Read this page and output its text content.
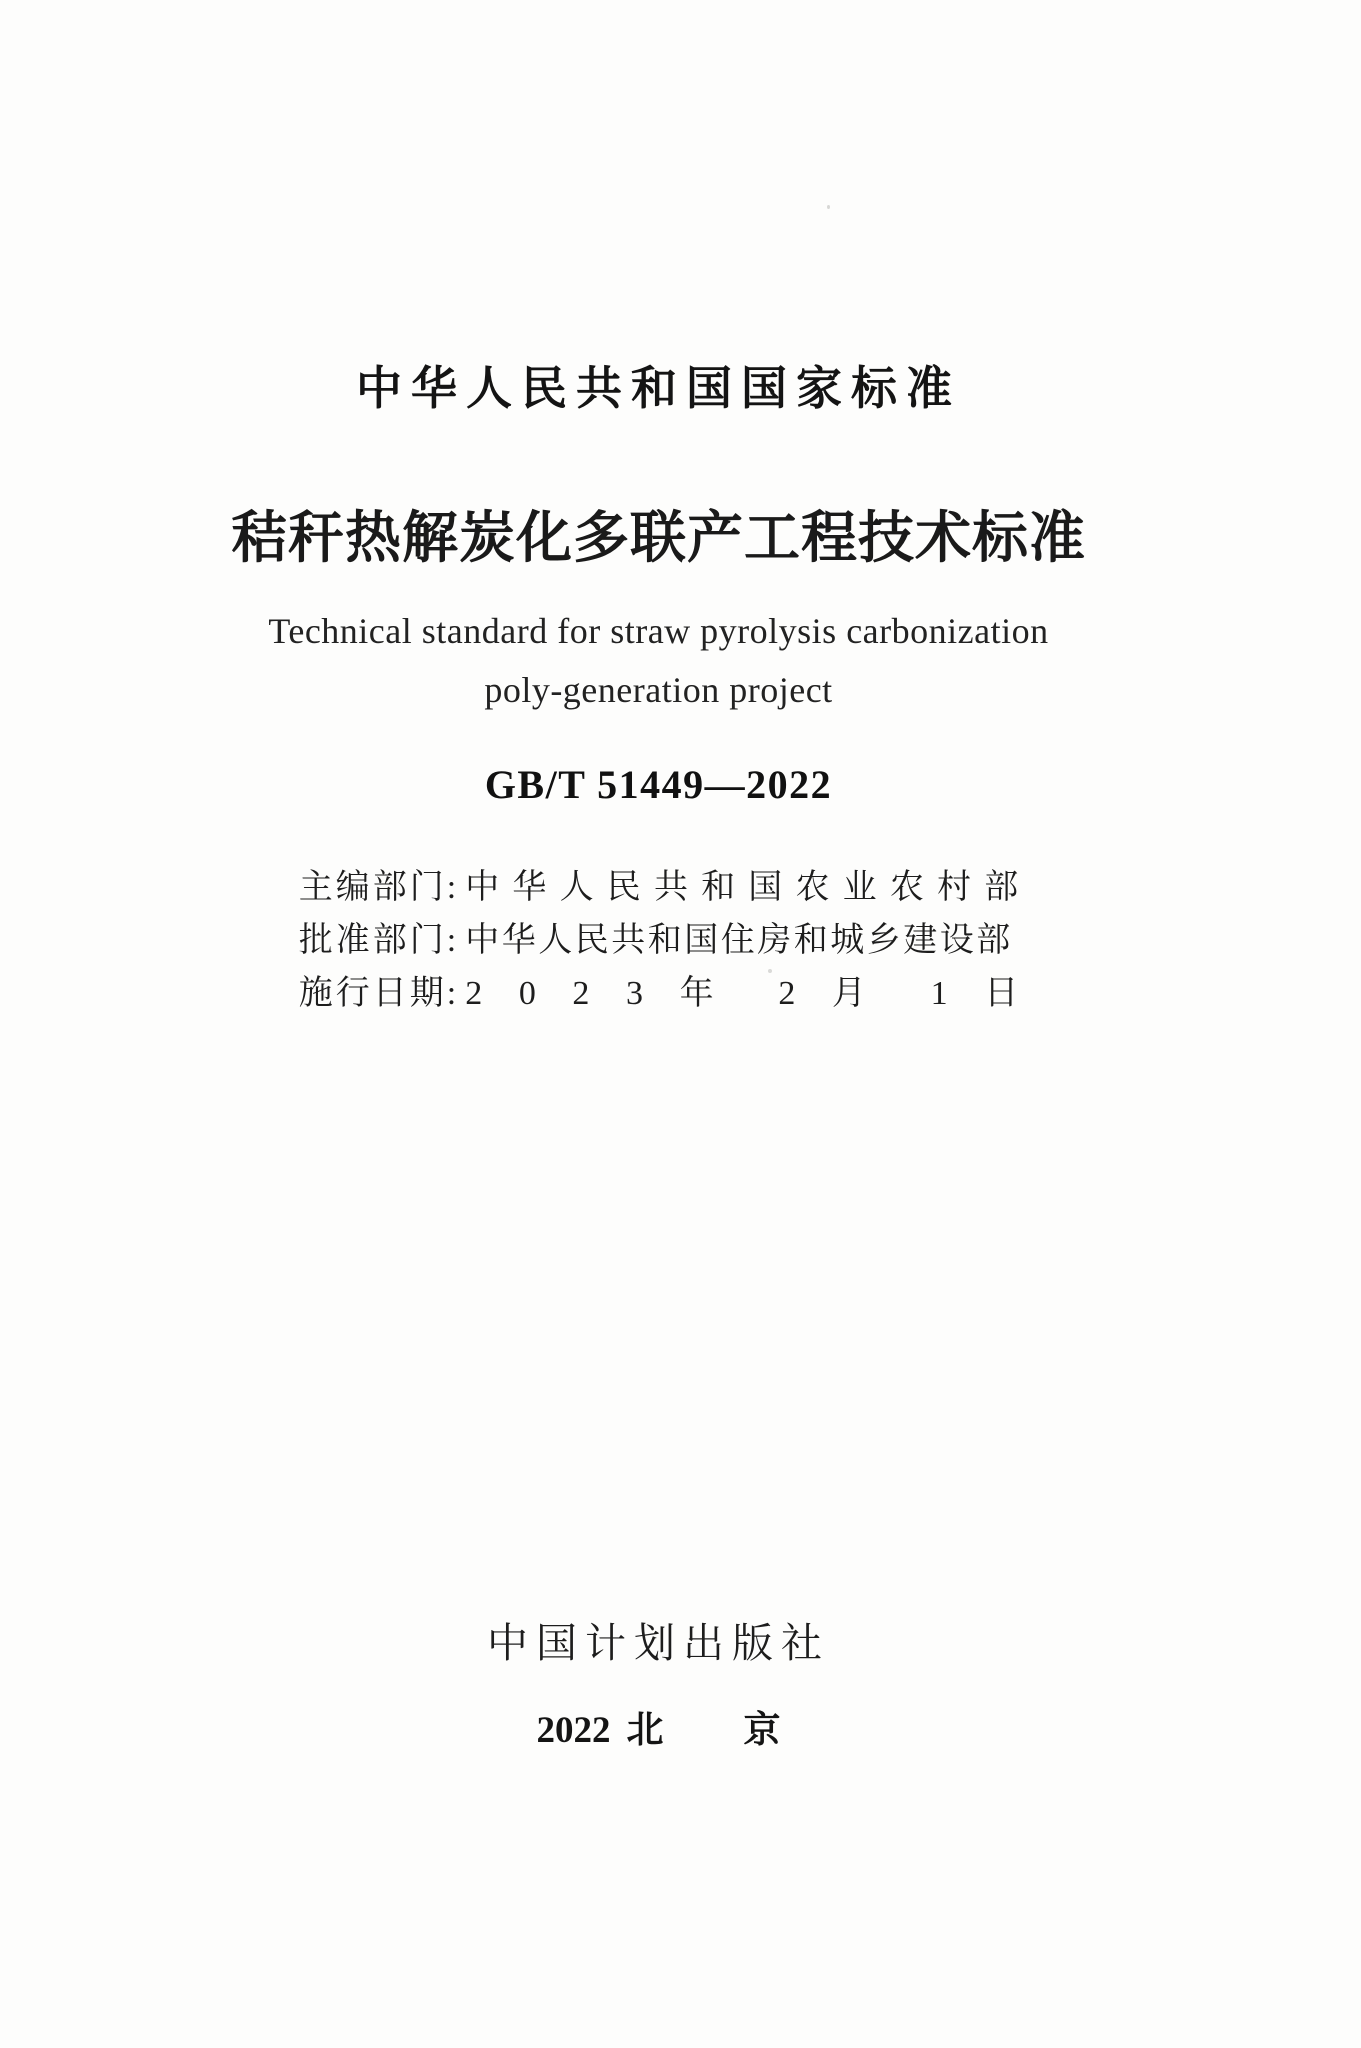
中华人民共和国国家标准
秸秆热解炭化多联产工程技术标准
Technical standard for straw pyrolysis carbonization
poly-generation project
GB/T 51449—2022
主编部门: 中 华 人 民 共 和 国 农 业 农 村 部
批准部门: 中华人民共和国住房和城乡建设部
施行日期: 2 0 2 3 年 2 月 1 日
中国计划出版社
2022 北 京
